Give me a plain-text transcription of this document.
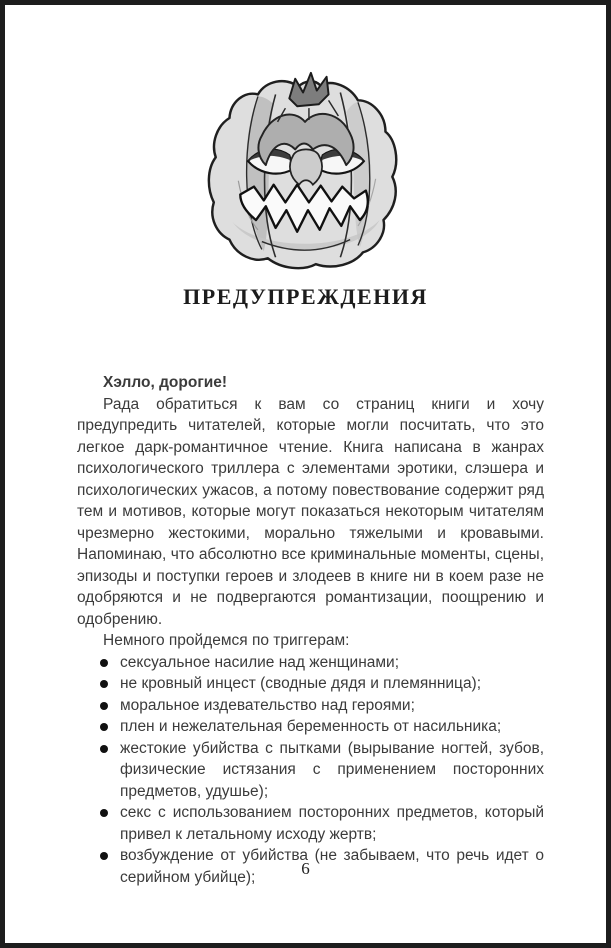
ПРЕДУПРЕЖДЕНИЯ

Хэлло, дорогие!

Рада обратиться к вам со страниц книги и хочу предупредить читателей, которые могли посчитать, что это легкое дарк-романтичное чтение. Книга написана в жанрах психологического триллера с элементами эротики, слэшера и психологических ужасов, а потому повествование содержит ряд тем и мотивов, которые могут показаться некоторым читателям чрезмерно жестокими, морально тяжелыми и кровавыми. Напоминаю, что абсолютно все криминальные моменты, сцены, эпизоды и поступки героев и злодеев в книге ни в коем разе не одобряются и не подвергаются романтизации, поощрению и одобрению.

Немного пройдемся по триггерам:

сексуальное насилие над женщинами;
не кровный инцест (сводные дядя и племянница);
моральное издевательство над героями;
плен и нежелательная беременность от насильника;
жестокие убийства с пытками (вырывание ногтей, зубов, физические истязания с применением посторонних предметов, удушье);
секс с использованием посторонних предметов, который привел к летальному исходу жертв;
возбуждение от убийства (не забываем, что речь идет о серийном убийце);	6
